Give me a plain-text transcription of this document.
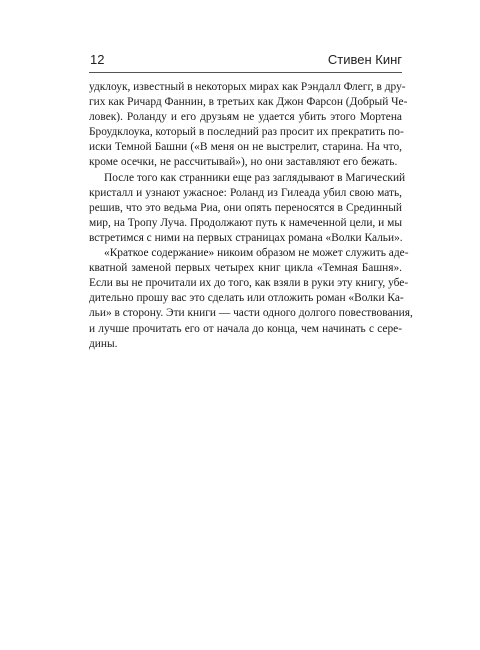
12	Стивен Кинг
удклоук, известный в некоторых мирах как Рэндалл Флегг, в дру-
гих как Ричард Фаннин, в третьих как Джон Фарсон (Добрый Че-
ловек). Роланду и его друзьям не удается убить этого Мортена
Броудклоука, который в последний раз просит их прекратить по-
иски Темной Башни («В меня он не выстрелит, старина. На что,
кроме осечки, не рассчитывай»), но они заставляют его бежать.
После того как странники еще раз заглядывают в Магический
кристалл и узнают ужасное: Роланд из Гилеада убил свою мать,
решив, что это ведьма Риа, они опять переносятся в Срединный
мир, на Тропу Луча. Продолжают путь к намеченной цели, и мы
встретимся с ними на первых страницах романа «Волки Кальи».
«Краткое содержание» никоим образом не может служить аде-
кватной заменой первых четырех книг цикла «Темная Башня».
Если вы не прочитали их до того, как взяли в руки эту книгу, убе-
дительно прошу вас это сделать или отложить роман «Волки Ка-
льи» в сторону. Эти книги — части одного долгого повествования,
и лучше прочитать его от начала до конца, чем начинать с сере-
дины.
